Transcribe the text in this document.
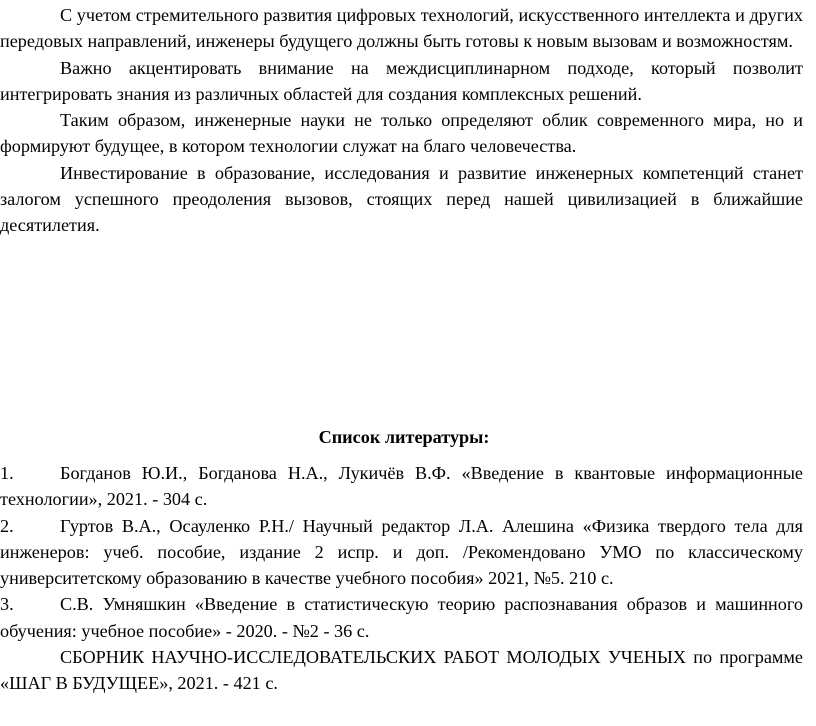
С учетом стремительного развития цифровых технологий, искусственного интеллекта и других передовых направлений, инженеры будущего должны быть готовы к новым вызовам и возможностям.

Важно акцентировать внимание на междисциплинарном подходе, который позволит интегрировать знания из различных областей для создания комплексных решений.

Таким образом, инженерные науки не только определяют облик современного мира, но и формируют будущее, в котором технологии служат на благо человечества.

Инвестирование в образование, исследования и развитие инженерных компетенций станет залогом успешного преодоления вызовов, стоящих перед нашей цивилизацией в ближайшие десятилетия.

Список литературы:

1.	Богданов Ю.И., Богданова Н.А., Лукичёв В.Ф. «Введение в квантовые информационные технологии», 2021. - 304 с.

2.	Гуртов В.А., Осауленко Р.Н./ Научный редактор Л.А. Алешина «Физика твердого тела для инженеров: учеб. пособие, издание 2 испр. и доп. /Рекомендовано УМО по классическому университетскому образованию в качестве учебного пособия» 2021, №5. 210 с.

3.	С.В. Умняшкин «Введение в статистическую теорию распознавания образов и машинного обучения: учебное пособие» - 2020. - №2 - 36 с.

СБОРНИК НАУЧНО-ИССЛЕДОВАТЕЛЬСКИХ РАБОТ МОЛОДЫХ УЧЕНЫХ по программе «ШАГ В БУДУЩЕЕ», 2021. - 421 с.
